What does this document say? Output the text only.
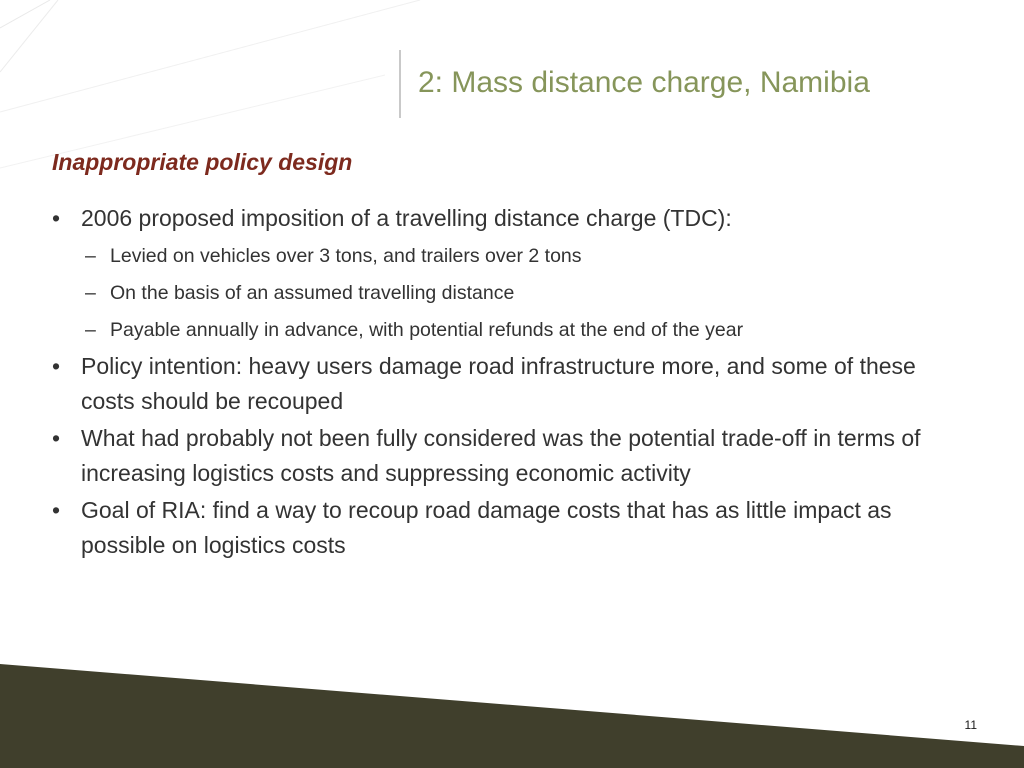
2: Mass distance charge, Namibia
Inappropriate policy design
• 2006 proposed imposition of a travelling distance charge (TDC):
– Levied on vehicles over 3 tons, and trailers over 2 tons
– On the basis of an assumed travelling distance
– Payable annually in advance, with potential refunds at the end of the year
• Policy intention: heavy users damage road infrastructure more, and some of these costs should be recouped
• What had probably not been fully considered was the potential trade-off in terms of increasing logistics costs and suppressing economic activity
• Goal of RIA: find a way to recoup road damage costs that has as little impact as possible on logistics costs
11
